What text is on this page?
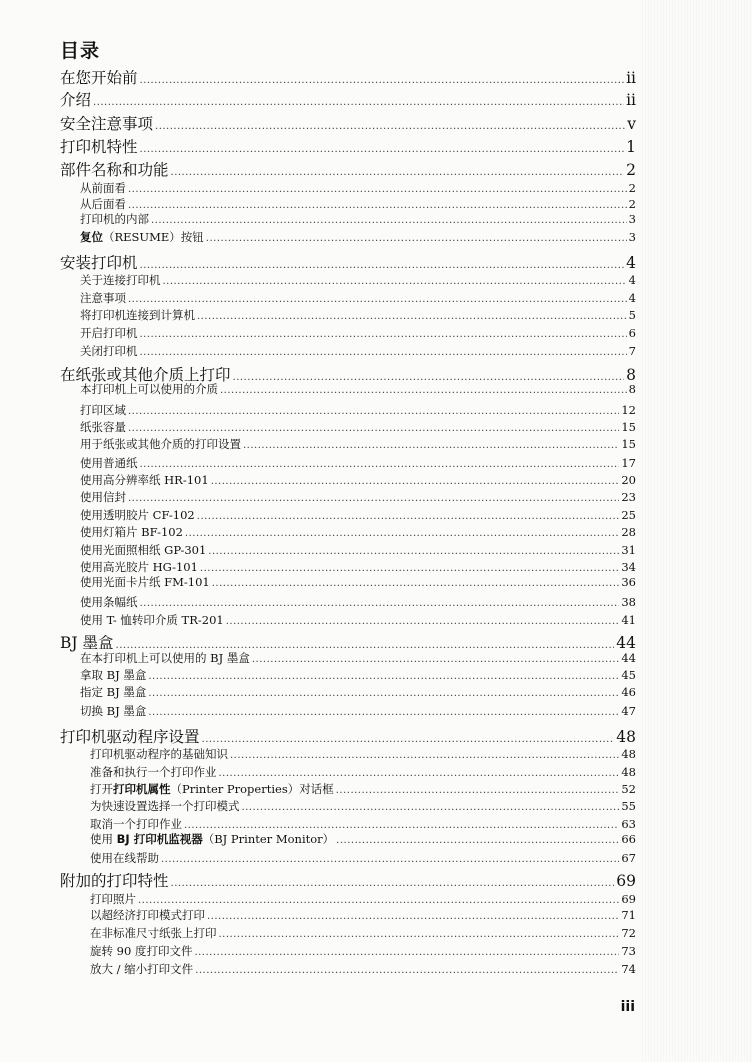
目录
在您开始前 .....	ii
介绍 .....	ii
安全注意事项 .....	v
打印机特性 .....	1
部件名称和功能 .....	2
从前面看 .....	2
从后面看 .....	2
打印机的内部 .....	3
复位（RESUME）按钮 .....	3
安装打印机 .....	4
关于连接打印机 .....	4
注意事项 .....	4
将打印机连接到计算机 .....	5
开启打印机 .....	6
关闭打印机 .....	7
在纸张或其他介质上打印 .....	8
本打印机上可以使用的介质 .....	8
打印区域 .....	12
纸张容量 .....	15
用于纸张或其他介质的打印设置 .....	15
使用普通纸 .....	17
使用高分辨率纸 HR-101 .....	20
使用信封 .....	23
使用透明胶片 CF-102 .....	25
使用灯箱片 BF-102 .....	28
使用光面照相纸 GP-301 .....	31
使用高光胶片 HG-101 .....	34
使用光面卡片纸 FM-101 .....	36
使用条幅纸 .....	38
使用 T- 恤转印介质 TR-201 .....	41
BJ 墨盒 .....	44
在本打印机上可以使用的 BJ 墨盒 .....	44
拿取 BJ 墨盒 .....	45
指定 BJ 墨盒 .....	46
切换 BJ 墨盒 .....	47
打印机驱动程序设置 .....	48
打印机驱动程序的基础知识 .....	48
准备和执行一个打印作业 .....	48
打开打印机属性（Printer Properties）对话框 .....	52
为快速设置选择一个打印模式 .....	55
取消一个打印作业 .....	63
使用 BJ 打印机监视器（BJ Printer Monitor） .....	66
使用在线帮助 .....	67
附加的打印特性 .....	69
打印照片 .....	69
以超经济打印模式打印 .....	71
在非标准尺寸纸张上打印 .....	72
旋转 90 度打印文件 .....	73
放大 / 缩小打印文件 .....	74
iii
